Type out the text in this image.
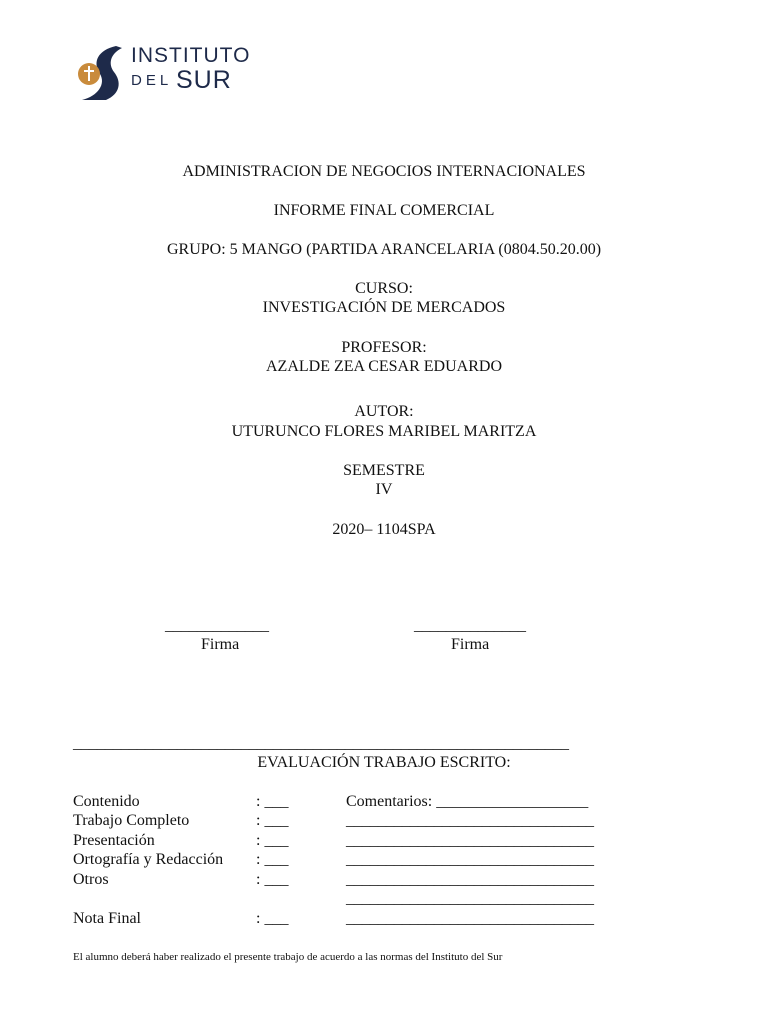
INSTITUTO
DEL SUR
ADMINISTRACION DE NEGOCIOS INTERNACIONALES
INFORME FINAL COMERCIAL
GRUPO: 5 MANGO (PARTIDA ARANCELARIA (0804.50.20.00)
CURSO:
INVESTIGACIÓN DE MERCADOS
PROFESOR:
AZALDE ZEA CESAR EDUARDO
AUTOR:
UTURUNCO FLORES MARIBEL MARITZA
SEMESTRE
IV
2020– 1104SPA
_____________
Firma
______________
Firma
______________________________________________________________
EVALUACIÓN TRABAJO ESCRITO:
Contenido	: ___	Comentarios: ___________________
Trabajo Completo	: ___	_______________________________
Presentación	: ___	_______________________________
Ortografía y Redacción : ___	_______________________________
Otros	: ___	_______________________________
_______________________________
Nota Final	: ___	_______________________________
El alumno deberá haber realizado el presente trabajo de acuerdo a las normas del Instituto del Sur
